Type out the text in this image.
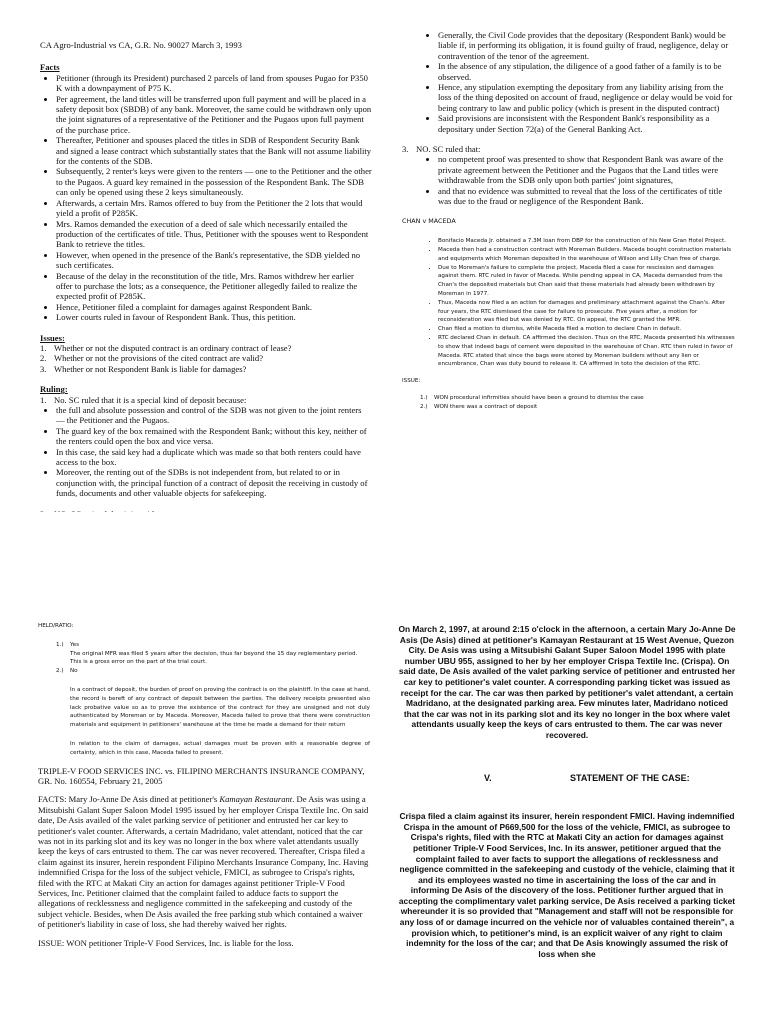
CA Agro-Industrial vs CA, G.R. No. 90027 March 3, 1993

Facts

• Petitioner (through its President) purchased 2 parcels of land from spouses Pugao for P350 K with a downpayment of P75 K.
• Per agreement, the land titles will be transferred upon full payment and will be placed in a safety deposit box (SBDB) of any bank. Moreover, the same could be withdrawn only upon the joint signatures of a representative of the Petitioner and the Pugaos upon full payment of the purchase price.
• Thereafter, Petitioner and spouses placed the titles in SDB of Respondent Security Bank and signed a lease contract which substantially states that the Bank will not assume liability for the contents of the SDB.
• Subsequently, 2 renter's keys were given to the renters — one to the Petitioner and the other to the Pugaos. A guard key remained in the possession of the Respondent Bank. The SDB can only be opened using these 2 keys simultaneously.
• Afterwards, a certain Mrs. Ramos offered to buy from the Petitioner the 2 lots that would yield a profit of P285K.
• Mrs. Ramos demanded the execution of a deed of sale which necessarily entailed the production of the certificates of title. Thus, Petitioner with the spouses went to Respondent Bank to retrieve the titles.
• However, when opened in the presence of the Bank's representative, the SDB yielded no such certificates.
• Because of the delay in the reconstitution of the title, Mrs. Ramos withdrew her earlier offer to purchase the lots; as a consequence, the Petitioner allegedly failed to realize the expected profit of P285K.
• Hence, Petitioner filed a complaint for damages against Respondent Bank.
• Lower courts ruled in favour of Respondent Bank. Thus, this petition.

Issues:

1. Whether or not the disputed contract is an ordinary contract of lease?
2. Whether or not the provisions of the cited contract are valid?
3. Whether or not Respondent Bank is liable for damages?

Ruling:

1. No. SC ruled that it is a special kind of deposit because:
• the full and absolute possession and control of the SDB was not given to the joint renters — the Petitioner and the Pugaos.
• The guard key of the box remained with the Respondent Bank; without this key, neither of the renters could open the box and vice versa.
• In this case, the said key had a duplicate which was made so that both renters could have access to the box.
• Moreover, the renting out of the SDBs is not independent from, but related to or in conjunction with, the principal function of a contract of deposit the receiving in custody of funds, documents and other valuable objects for safekeeping.
• Generally, the Civil Code provides that the depositary (Respondent Bank) would be liable if, in performing its obligation, it is found guilty of fraud, negligence, delay or contravention of the tenor of the agreement.
• In the absence of any stipulation, the diligence of a good father of a family is to be observed.
• Hence, any stipulation exempting the depositary from any liability arising from the loss of the thing deposited on account of fraud, negligence or delay would be void for being contrary to law and public policy (which is present in the disputed contract)
• Said provisions are inconsistent with the Respondent Bank's responsibility as a depositary under Section 72(a) of the General Banking Act.
3. NO. SC ruled that:
• no competent proof was presented to show that Respondent Bank was aware of the private agreement between the Petitioner and the Pugaos that the Land titles were withdrawable from the SDB only upon both parties' joint signatures,
• and that no evidence was submitted to reveal that the loss of the certificates of title was due to the fraud or negligence of the Respondent Bank.

CHAN v MACEDA

• Bonifacio Maceda Jr. obtained a 7.3M loan from DBP for the construction of his New Gran Hotel Project.
• Maceda then had a construction contract with Moreman Builders. Maceda bought construction materials and equipments which Moreman deposited in the warehouse of Wilson and Lilly Chan free of charge.
• Due to Moreman's failure to complete the project, Maceda filed a case for rescission and damages against them. RTC ruled in favor of Maceda. While pending appeal in CA, Maceda demanded from the Chan's the deposited materials but Chan said that these materials had already been withdrawn by Moreman in 1977.
• Thus, Maceda now filed a an action for damages and preliminary attachment against the Chan's. After four years, the RTC dismissed the case for failure to prosecute. Five years after, a motion for reconsideration was filed but was denied by RTC. On appeal, the RTC granted the MFR.
• Chan filed a motion to dismiss, while Maceda filed a motion to declare Chan in default.
• RTC declared Chan in default. CA affirmed the decision. Thus on the RTC, Maceda presented his witnesses to show that indeed bags of cement were deposited in the warehouse of Chan. RTC then ruled in favor of Maceda. RTC stated that since the bags were stored by Moreman builders without any lien or encumbrance, Chan was duty bound to release it. CA affirmed in toto the decision of the RTC.

ISSUE:

1.)	WON procedural infirmities should have been a ground to dismiss the case
2.)	WON there was a contract of deposit

HELD/RATIO:

1.)	Yes

The original MFR was filed 5 years after the decision, thus far beyond the 15 day reglementary period. This is a gross error on the part of the trial court.

2.)	No

In a contract of deposit, the burden of proof on proving the contract is on the plaintiff. In the case at hand, the record is bereft of any contract of deposit between the parties. The delivery receipts presented also lack probative value so as to prove the existence of the contract for they are unsigned and not duly authenticated by Moreman or by Maceda. Moreover, Maceda failed to prove that there were construction materials and equipment in petitioners' warehouse at the time he made a demand for their return

In relation to the claim of damages, actual damages must be proven with a reasonable degree of certainty, which in this case, Maceda failed to present.

TRIPLE-V FOOD SERVICES INC. vs. FILIPINO MERCHANTS INSURANCE COMPANY, GR. No. 160554, February 21, 2005

FACTS: Mary Jo-Anne De Asis dined at petitioner's Kamayan Restaurant. De Asis was using a Mitsubishi Galant Super Saloon Model 1995 issued by her employer Crispa Textile Inc. On said date, De Asis availed of the valet parking service of petitioner and entrusted her car key to petitioner's valet counter. Afterwards, a certain Madridano, valet attendant, noticed that the car was not in its parking slot and its key was no longer in the box where valet attendants usually keep the keys of cars entrusted to them. The car was never recovered. Thereafter, Crispa filed a claim against its insurer, herein respondent Filipino Merchants Insurance Company, Inc. Having indemnified Crispa for the loss of the subject vehicle, FMICI, as subrogee to Crispa's rights, filed with the RTC at Makati City an action for damages against petitioner Triple-V Food Services, Inc. Petitioner claimed that the complaint failed to adduce facts to support the allegations of recklessness and negligence committed in the safekeeping and custody of the subject vehicle. Besides, when De Asis availed the free parking stub which contained a waiver of petitioner's liability in case of loss, she had thereby waived her rights.

ISSUE: WON petitioner Triple-V Food Services, Inc. is liable for the loss.

On March 2, 1997, at around 2:15 o'clock in the afternoon, a certain Mary Jo-Anne De Asis (De Asis) dined at petitioner's Kamayan Restaurant at 15 West Avenue, Quezon City. De Asis was using a Mitsubishi Galant Super Saloon Model 1995 with plate number UBU 955, assigned to her by her employer Crispa Textile Inc. (Crispa). On said date, De Asis availed of the valet parking service of petitioner and entrusted her car key to petitioner's valet counter. A corresponding parking ticket was issued as receipt for the car. The car was then parked by petitioner's valet attendant, a certain Madridano, at the designated parking area. Few minutes later, Madridano noticed that the car was not in its parking slot and its key no longer in the box where valet attendants usually keep the keys of cars entrusted to them. The car was never recovered.

V.	STATEMENT OF THE CASE:

Crispa filed a claim against its insurer, herein respondent FMICI. Having indemnified Crispa in the amount of P669,500 for the loss of the vehicle, FMICI, as subrogee to Crispa's rights, filed with the RTC at Makati City an action for damages against petitioner Triple-V Food Services, Inc. In its answer, petitioner argued that the complaint failed to aver facts to support the allegations of recklessness and negligence committed in the safekeeping and custody of the vehicle, claiming that it and its employees wasted no time in ascertaining the loss of the car and in informing De Asis of the discovery of the loss. Petitioner further argued that in accepting the complimentary valet parking service, De Asis received a parking ticket whereunder it is so provided that "Management and staff will not be responsible for any loss of or damage incurred on the vehicle nor of valuables contained therein", a provision which, to petitioner's mind, is an explicit waiver of any right to claim indemnity for the loss of the car; and that De Asis knowingly assumed the risk of loss when she
